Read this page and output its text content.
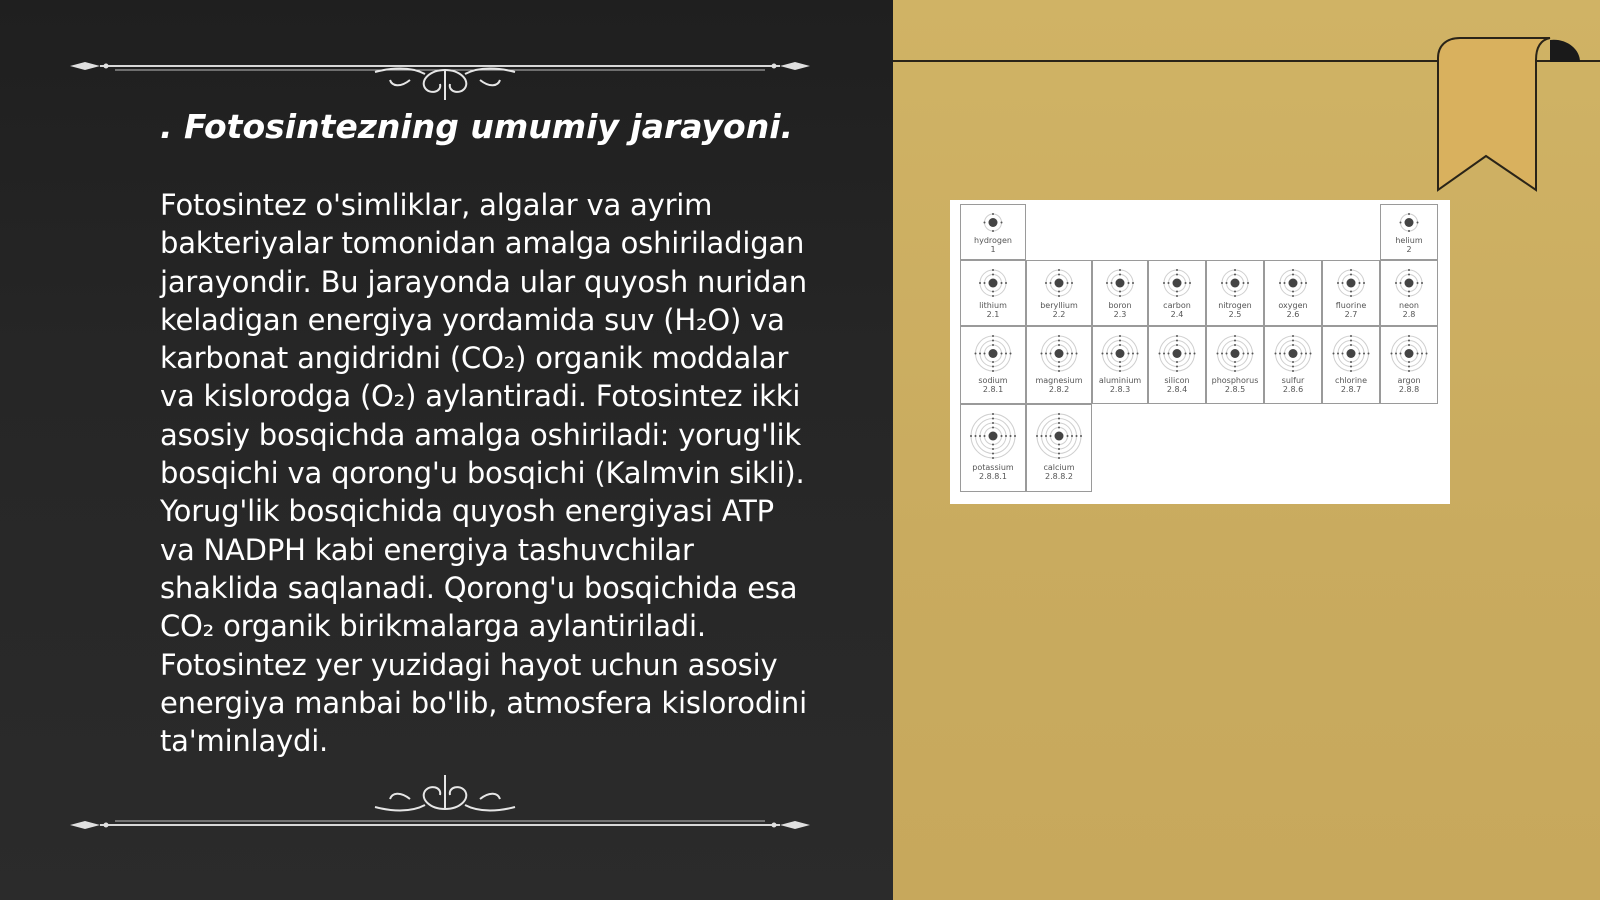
. Fotosintezning umumiy jarayoni.
Fotosintez o'simliklar, algalar va ayrim
bakteriyalar tomonidan amalga oshiriladigan
jarayondir. Bu jarayonda ular quyosh nuridan
keladigan energiya yordamida suv (H₂O) va
karbonat angidridni (CO₂) organik moddalar
va kislorodga (O₂) aylantiradi. Fotosintez ikki
asosiy bosqichda amalga oshiriladi: yorug'lik
bosqichi va qorong'u bosqichi (Kalmvin sikli).
Yorug'lik bosqichida quyosh energiyasi ATP
va NADPH kabi energiya tashuvchilar
shaklida saqlanadi. Qorong'u bosqichida esa
CO₂ organik birikmalarga aylantiriladi.
Fotosintez yer yuzidagi hayot uchun asosiy
energiya manbai bo'lib, atmosfera kislorodini
ta'minlaydi.
hydrogen
1
helium
2
lithium
2.1
beryllium
2.2
boron
2.3
carbon
2.4
nitrogen
2.5
oxygen
2.6
fluorine
2.7
neon
2.8
sodium
2.8.1
magnesium
2.8.2
aluminium
2.8.3
silicon
2.8.4
phosphorus
2.8.5
sulfur
2.8.6
chlorine
2.8.7
argon
2.8.8
potassium
2.8.8.1
calcium
2.8.8.2
